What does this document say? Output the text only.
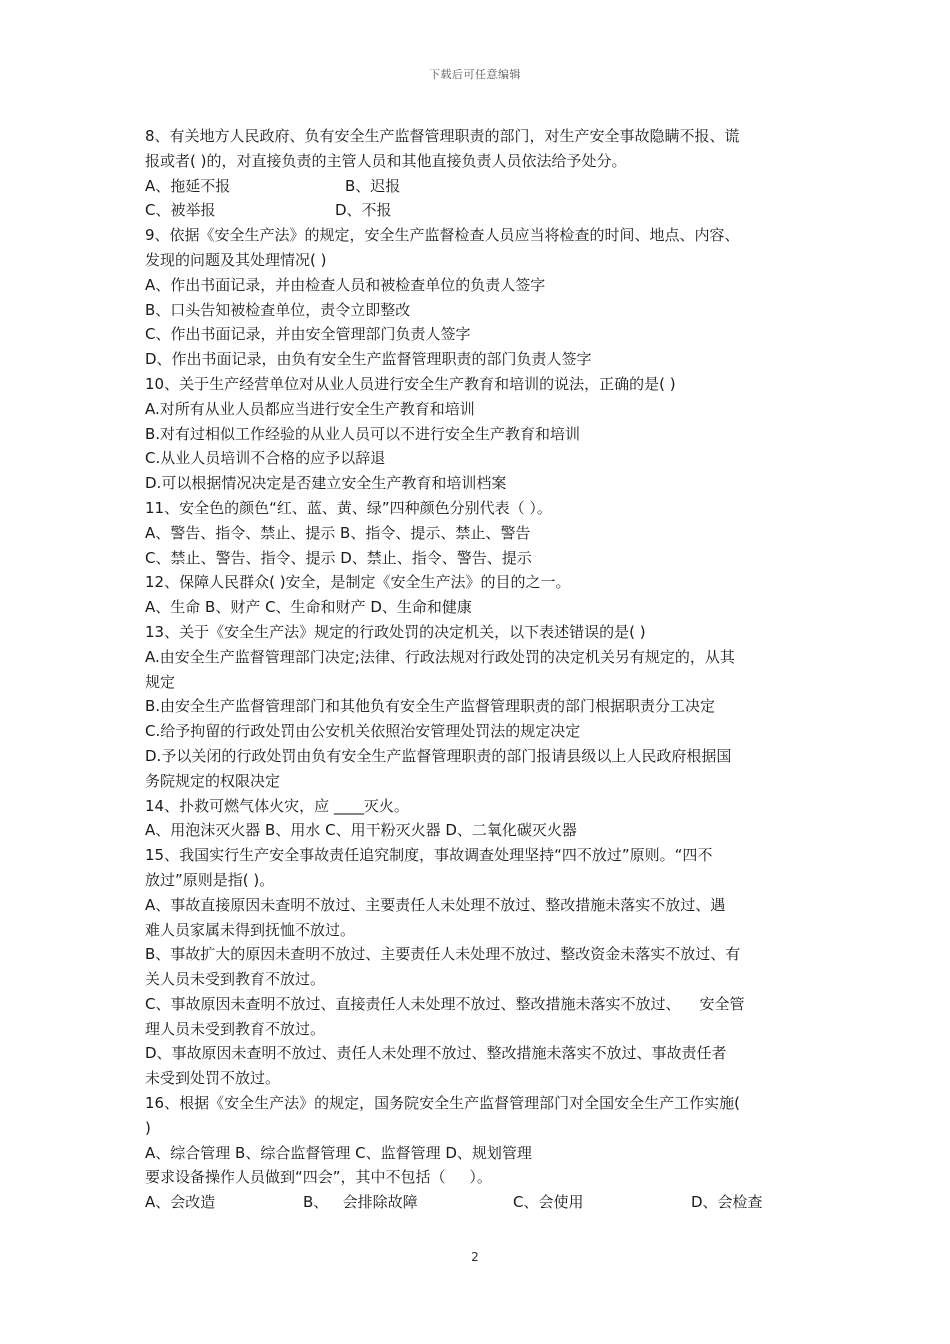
下载后可任意编辑
8、有关地方人民政府、负有安全生产监督管理职责的部门，对生产安全事故隐瞒不报、谎
报或者( )的，对直接负责的主管人员和其他直接负责人员依法给予处分。
A、拖延不报	B、迟报
C、被举报	D、不报
9、依据《安全生产法》的规定，安全生产监督检查人员应当将检查的时间、地点、内容、
发现的问题及其处理情况( )
A、作出书面记录，并由检查人员和被检查单位的负责人签字
B、口头告知被检查单位，责令立即整改
C、作出书面记录，并由安全管理部门负责人签字
D、作出书面记录，由负有安全生产监督管理职责的部门负责人签字
10、关于生产经营单位对从业人员进行安全生产教育和培训的说法，正确的是( )
A.对所有从业人员都应当进行安全生产教育和培训
B.对有过相似工作经验的从业人员可以不进行安全生产教育和培训
C.从业人员培训不合格的应予以辞退
D.可以根据情况决定是否建立安全生产教育和培训档案
11、安全色的颜色“红、蓝、黄、绿”四种颜色分别代表（ ）。
A、警告、指令、禁止、提示 B、指令、提示、禁止、警告
C、禁止、警告、指令、提示 D、禁止、指令、警告、提示
12、保障人民群众( )安全，是制定《安全生产法》的目的之一。
A、生命 B、财产 C、生命和财产 D、生命和健康
13、关于《安全生产法》规定的行政处罚的决定机关，以下表述错误的是( )
A.由安全生产监督管理部门决定;法律、行政法规对行政处罚的决定机关另有规定的，从其
规定
B.由安全生产监督管理部门和其他负有安全生产监督管理职责的部门根据职责分工决定
C.给予拘留的行政处罚由公安机关依照治安管理处罚法的规定决定
D.予以关闭的行政处罚由负有安全生产监督管理职责的部门报请县级以上人民政府根据国
务院规定的权限决定
14、扑救可燃气体火灾，应 ____灭火。
A、用泡沫灭火器 B、用水 C、用干粉灭火器 D、二氧化碳灭火器
15、我国实行生产安全事故责任追究制度，事故调查处理坚持“四不放过”原则。“四不
放过”原则是指( )。
A、事故直接原因未查明不放过、主要责任人未处理不放过、整改措施未落实不放过、遇
难人员家属未得到抚恤不放过。
B、事故扩大的原因未查明不放过、主要责任人未处理不放过、整改资金未落实不放过、有
关人员未受到教育不放过。
C、事故原因未查明不放过、直接责任人未处理不放过、整改措施未落实不放过、    安全管
理人员未受到教育不放过。
D、事故原因未查明不放过、责任人未处理不放过、整改措施未落实不放过、事故责任者
未受到处罚不放过。
16、根据《安全生产法》的规定，国务院安全生产监督管理部门对全国安全生产工作实施(
)
A、综合管理 B、综合监督管理 C、监督管理 D、规划管理
要求设备操作人员做到“四会”，其中不包括（     ）。
A、会改造	B、   会排除故障	C、会使用	D、会检查
2
